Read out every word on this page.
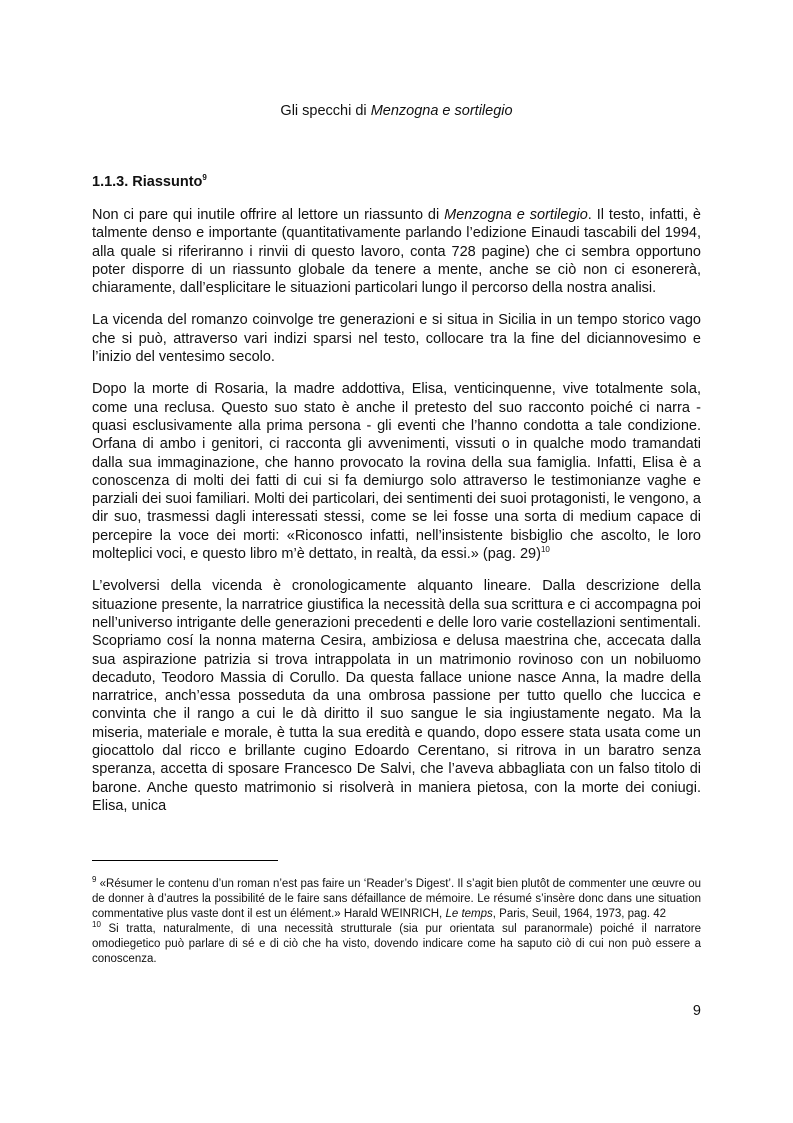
Gli specchi di Menzogna e sortilegio
1.1.3. Riassunto$^9$

Non ci pare qui inutile offrire al lettore un riassunto di Menzogna e sortilegio. Il testo, infatti, è talmente denso e importante (quantitativamente parlando l’edizione Einaudi tascabili del 1994, alla quale si riferiranno i rinvii di questo lavoro, conta 728 pagine) che ci sembra opportuno poter disporre di un riassunto globale da tenere a mente, anche se ciò non ci esonererà, chiaramente, dall’esplicitare le situazioni particolari lungo il percorso della nostra analisi.

La vicenda del romanzo coinvolge tre generazioni e si situa in Sicilia in un tempo storico vago che si può, attraverso vari indizi sparsi nel testo, collocare tra la fine del diciannovesimo e l’inizio del ventesimo secolo.

Dopo la morte di Rosaria, la madre addottiva, Elisa, venticinquenne, vive totalmente sola, come una reclusa. Questo suo stato è anche il pretesto del suo racconto poiché ci narra - quasi esclusivamente alla prima persona - gli eventi che l’hanno condotta a tale condizione. Orfana di ambo i genitori, ci racconta gli avvenimenti, vissuti o in qualche modo tramandati dalla sua immaginazione, che hanno provocato la rovina della sua famiglia. Infatti, Elisa è a conoscenza di molti dei fatti di cui si fa demiurgo solo attraverso le testimonianze vaghe e parziali dei suoi familiari. Molti dei particolari, dei sentimenti dei suoi protagonisti, le vengono, a dir suo, trasmessi dagli interessati stessi, come se lei fosse una sorta di medium capace di percepire la voce dei morti: «Riconosco infatti, nell’insistente bisbiglio che ascolto, le loro molteplici voci, e questo libro m’è dettato, in realtà, da essi.» (pag. 29)$^{10}$

L’evolversi della vicenda è cronologicamente alquanto lineare. Dalla descrizione della situazione presente, la narratrice giustifica la necessità della sua scrittura e ci accompagna poi nell’universo intrigante delle generazioni precedenti e delle loro varie costellazioni sentimentali. Scopriamo cosí la nonna materna Cesira, ambiziosa e delusa maestrina che, accecata dalla sua aspirazione patrizia si trova intrappolata in un matrimonio rovinoso con un nobiluomo decaduto, Teodoro Massia di Corullo. Da questa fallace unione nasce Anna, la madre della narratrice, anch’essa posseduta da una ombrosa passione per tutto quello che luccica e convinta che il rango a cui le dà diritto il suo sangue le sia ingiustamente negato. Ma la miseria, materiale e morale, è tutta la sua eredità e quando, dopo essere stata usata come un giocattolo dal ricco e brillante cugino Edoardo Cerentano, si ritrova in un baratro senza speranza, accetta di sposare Francesco De Salvi, che l’aveva abbagliata con un falso titolo di barone. Anche questo matrimonio si risolverà in maniera pietosa, con la morte dei coniugi. Elisa, unica

$^9$ «Résumer le contenu d’un roman n’est pas faire un ‘Reader’s Digest’. Il s’agit bien plutôt de commenter une œuvre ou de donner à d’autres la possibilité de le faire sans défaillance de mémoire. Le résumé s’insère donc dans une situation commentative plus vaste dont il est un élément.» Harald WEINRICH, Le temps, Paris, Seuil, 1964, 1973, pag. 42

$^{10}$ Si tratta, naturalmente, di una necessità strutturale (sia pur orientata sul paranormale) poiché il narratore omodiegetico può parlare di sé e di ciò che ha visto, dovendo indicare come ha saputo ciò di cui non può essere a conoscenza.

9
